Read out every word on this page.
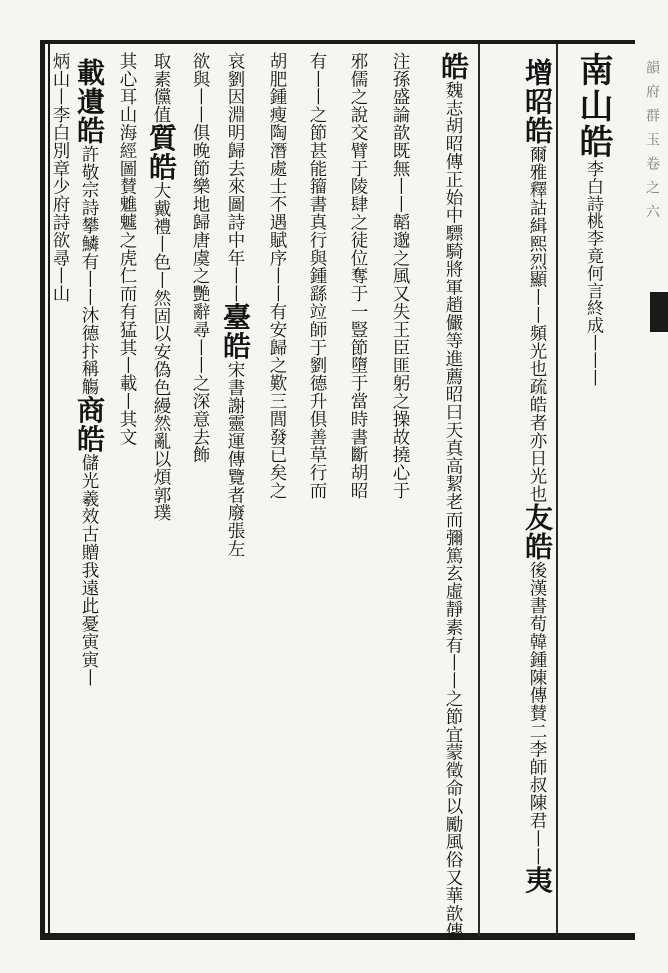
南山皓李白詩桃李竟何言終成丨丨丨
增昭皓爾雅釋詁緝熙烈顯丨丨頻光也疏皓者亦日光也友皓後漢書荀韓鍾陳傳賛二李師叔陳君丨丨夷
皓魏志胡昭傳正始中驃騎將軍趙儼等進薦昭曰天真高絜老而彌篤玄虛靜素有丨丨之節宜蒙徵命以勵風俗又華歆傳
注孫盛論歆既無丨丨韜邈之風又失王臣匪躬之操故撓心于
邪儒之說交臂于陵肆之徒位奪于一豎節墮于當時書斷胡昭
有丨丨之節甚能籀書真行與鍾繇竝師于劉德升俱善草行而
胡肥鍾瘦陶潛處士不遇賦序丨丨有安歸之歎三閭發已矣之
哀劉因淵明歸去來圖詩中年丨丨臺皓宋書謝靈運傳覽者廢張左
欲與丨丨俱晚節樂地歸唐虞之艷辭尋丨丨之深意去飾
取素儻值質皓大戴禮丨色丨然固以安偽色縵然亂以煩郭璞
其心耳山海經圖賛魋魖之虎仁而有猛其丨載丨其文
載遺皓許敬宗詩攀鱗有丨丨沐德抃稱觴商皓儲光羲效古贈我遠此憂寅寅丨
炳山丨李白別章少府詩欲尋丨山	韻府群玉卷之六
